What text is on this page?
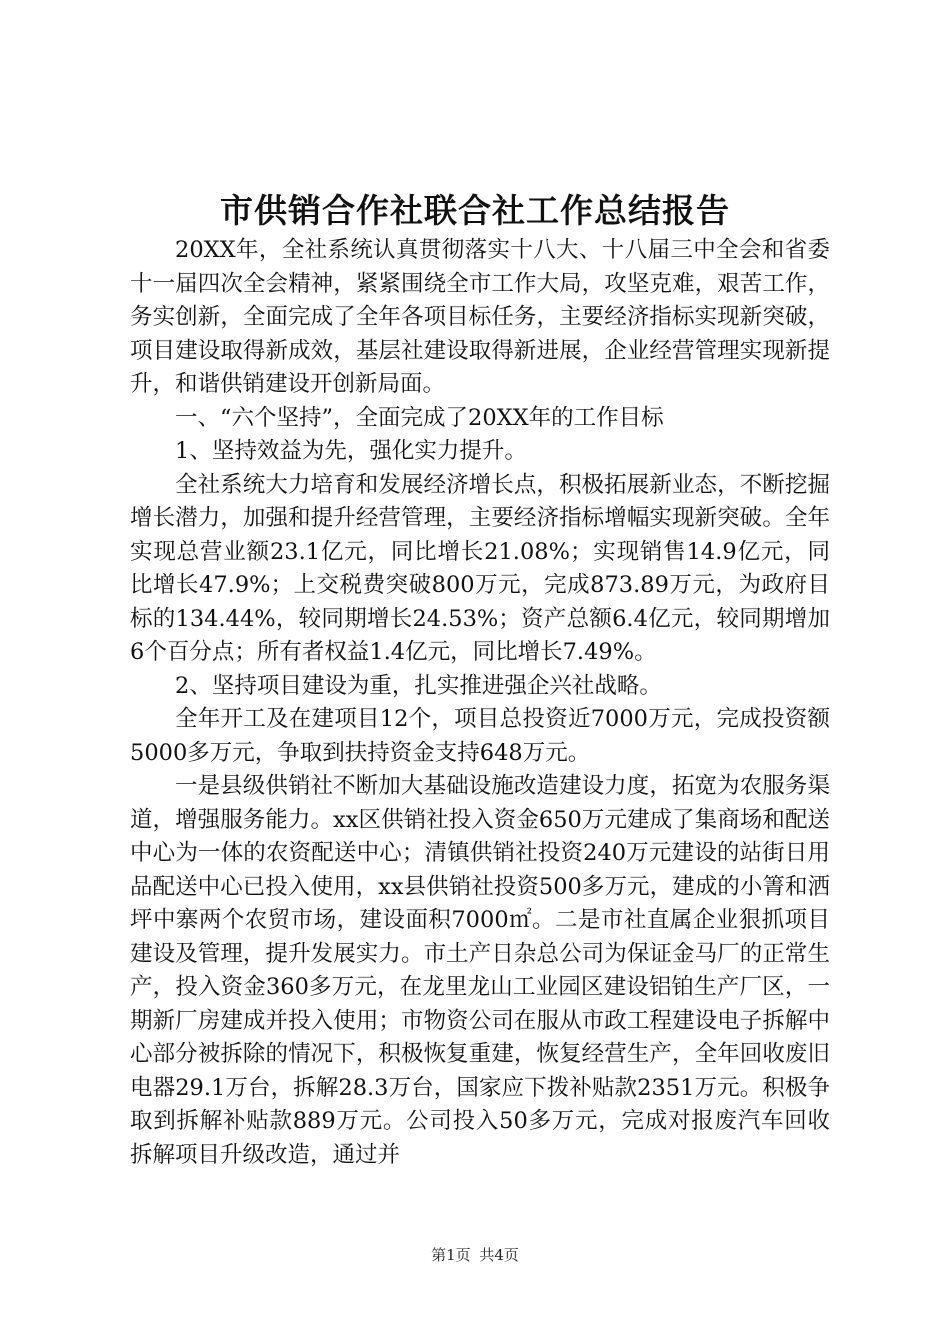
市供销合作社联合社工作总结报告

20XX年，全社系统认真贯彻落实十八大、十八届三中全会和省委十一届四次全会精神，紧紧围绕全市工作大局，攻坚克难，艰苦工作，务实创新，全面完成了全年各项目标任务，主要经济指标实现新突破，项目建设取得新成效，基层社建设取得新进展，企业经营管理实现新提升，和谐供销建设开创新局面。

一、“六个坚持”，全面完成了20XX年的工作目标

1、坚持效益为先，强化实力提升。

全社系统大力培育和发展经济增长点，积极拓展新业态，不断挖掘增长潜力，加强和提升经营管理，主要经济指标增幅实现新突破。全年实现总营业额23.1亿元，同比增长21.08%；实现销售14.9亿元，同比增长47.9%；上交税费突破800万元，完成873.89万元，为政府目标的134.44%，较同期增长24.53%；资产总额6.4亿元，较同期增加6个百分点；所有者权益1.4亿元，同比增长7.49%。

2、坚持项目建设为重，扎实推进强企兴社战略。

全年开工及在建项目12个，项目总投资近7000万元，完成投资额5000多万元，争取到扶持资金支持648万元。

一是县级供销社不断加大基础设施改造建设力度，拓宽为农服务渠道，增强服务能力。xx区供销社投入资金650万元建成了集商场和配送中心为一体的农资配送中心；清镇供销社投资240万元建设的站街日用品配送中心已投入使用，xx县供销社投资500多万元，建成的小箐和洒坪中寨两个农贸市场，建设面积7000㎡。二是市社直属企业狠抓项目建设及管理，提升发展实力。市土产日杂总公司为保证金马厂的正常生产，投入资金360多万元，在龙里龙山工业园区建设铝铂生产厂区，一期新厂房建成并投入使用；市物资公司在服从市政工程建设电子拆解中心部分被拆除的情况下，积极恢复重建，恢复经营生产，全年回收废旧电器29.1万台，拆解28.3万台，国家应下拨补贴款2351万元。积极争取到拆解补贴款889万元。公司投入50多万元，完成对报废汽车回收拆解项目升级改造，通过并

第1页 共4页
